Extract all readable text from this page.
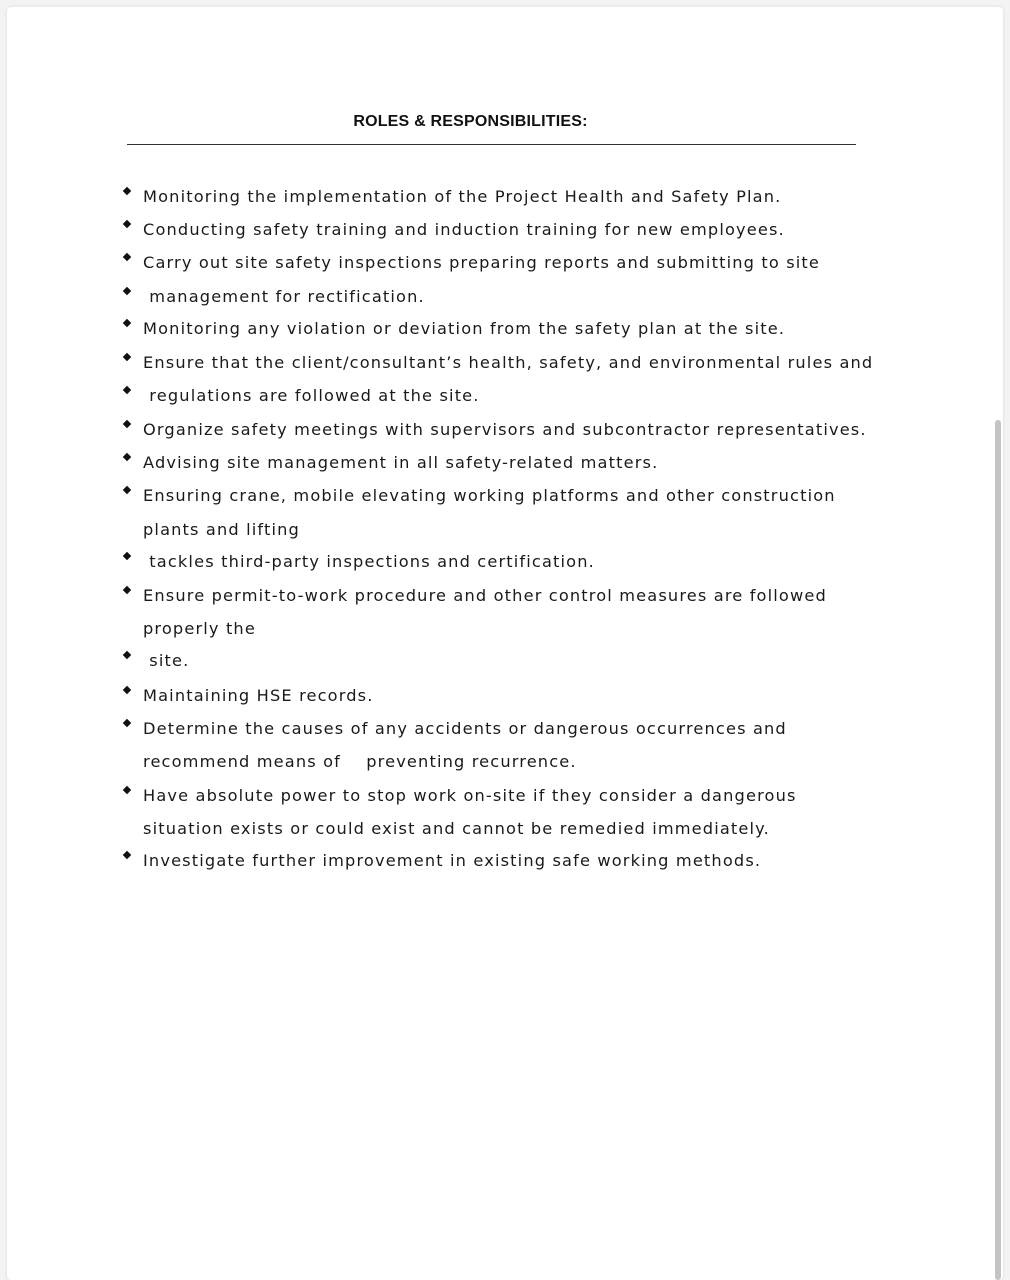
ROLES & RESPONSIBILITIES:
Monitoring the implementation of the Project Health and Safety Plan.
Conducting safety training and induction training for new employees.
Carry out site safety inspections preparing reports and submitting to site
management for rectification.
Monitoring any violation or deviation from the safety plan at the site.
Ensure that the client/consultant’s health, safety, and environmental rules and
regulations are followed at the site.
Organize safety meetings with supervisors and subcontractor representatives.
Advising site management in all safety-related matters.
Ensuring crane, mobile elevating working platforms and other construction
plants and lifting
tackles third-party inspections and certification.
Ensure permit-to-work procedure and other control measures are followed
properly the
site.
Maintaining HSE records.
Determine the causes of any accidents or dangerous occurrences and
recommend means of    preventing recurrence.
Have absolute power to stop work on-site if they consider a dangerous
situation exists or could exist and cannot be remedied immediately.
Investigate further improvement in existing safe working methods.
